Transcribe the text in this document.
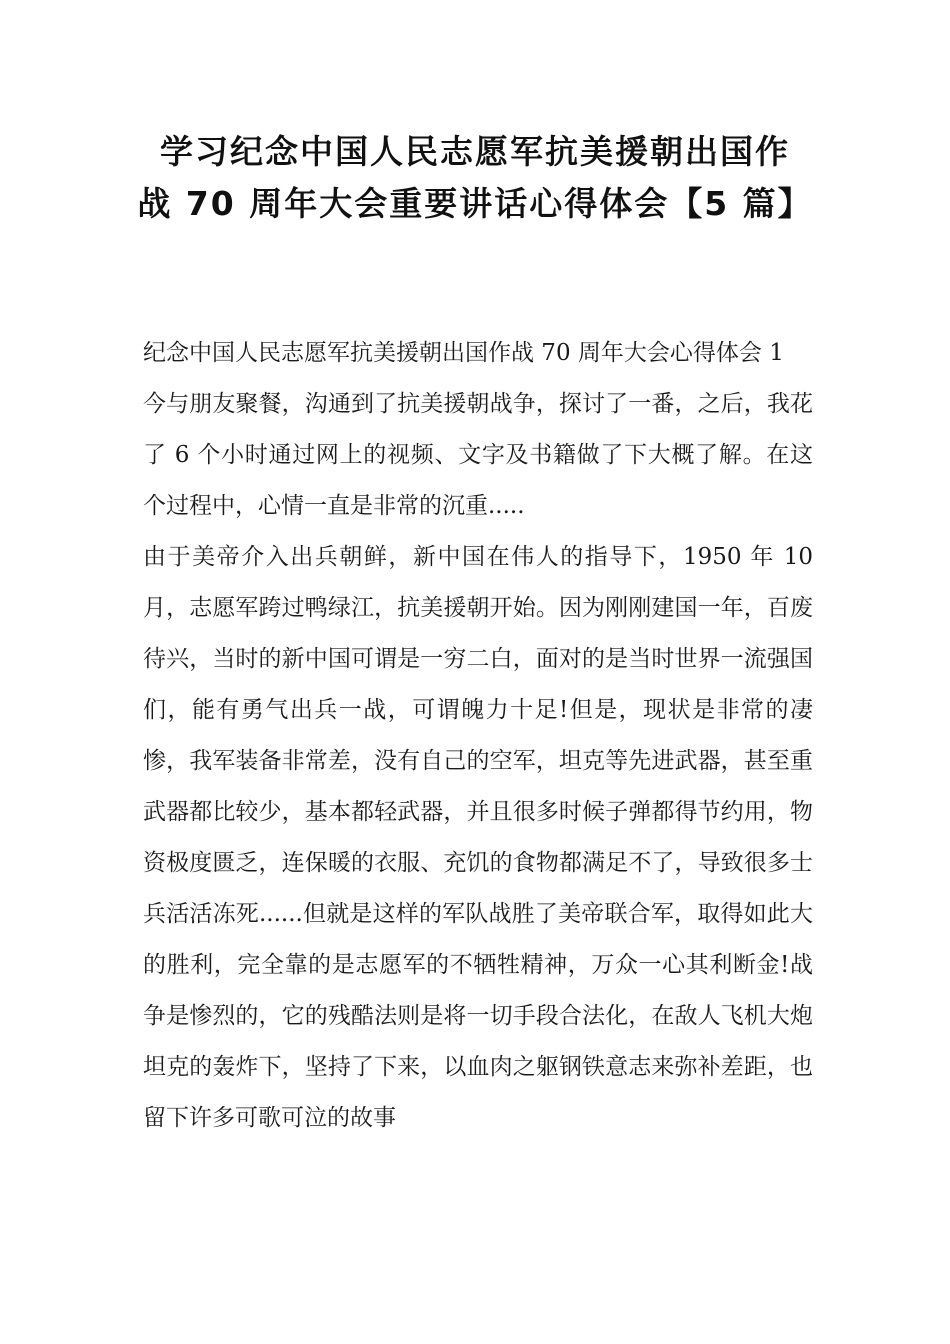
学习纪念中国人民志愿军抗美援朝出国作
战 70 周年大会重要讲话心得体会【5 篇】

纪念中国人民志愿军抗美援朝出国作战 70 周年大会心得体会 1

今与朋友聚餐，沟通到了抗美援朝战争，探讨了一番，之后，我花了 6 个小时通过网上的视频、文字及书籍做了下大概了解。在这个过程中，心情一直是非常的沉重.....

由于美帝介入出兵朝鲜，新中国在伟人的指导下，1950 年 10 月，志愿军跨过鸭绿江，抗美援朝开始。因为刚刚建国一年，百废待兴，当时的新中国可谓是一穷二白，面对的是当时世界一流强国们，能有勇气出兵一战，可谓魄力十足!但是，现状是非常的凄惨，我军装备非常差，没有自己的空军，坦克等先进武器，甚至重武器都比较少，基本都轻武器，并且很多时候子弹都得节约用，物资极度匮乏，连保暖的衣服、充饥的食物都满足不了，导致很多士兵活活冻死......但就是这样的军队战胜了美帝联合军，取得如此大的胜利，完全靠的是志愿军的不牺牲精神，万众一心其利断金!战争是惨烈的，它的残酷法则是将一切手段合法化，在敌人飞机大炮坦克的轰炸下，坚持了下来，以血肉之躯钢铁意志来弥补差距，也留下许多可歌可泣的故事
